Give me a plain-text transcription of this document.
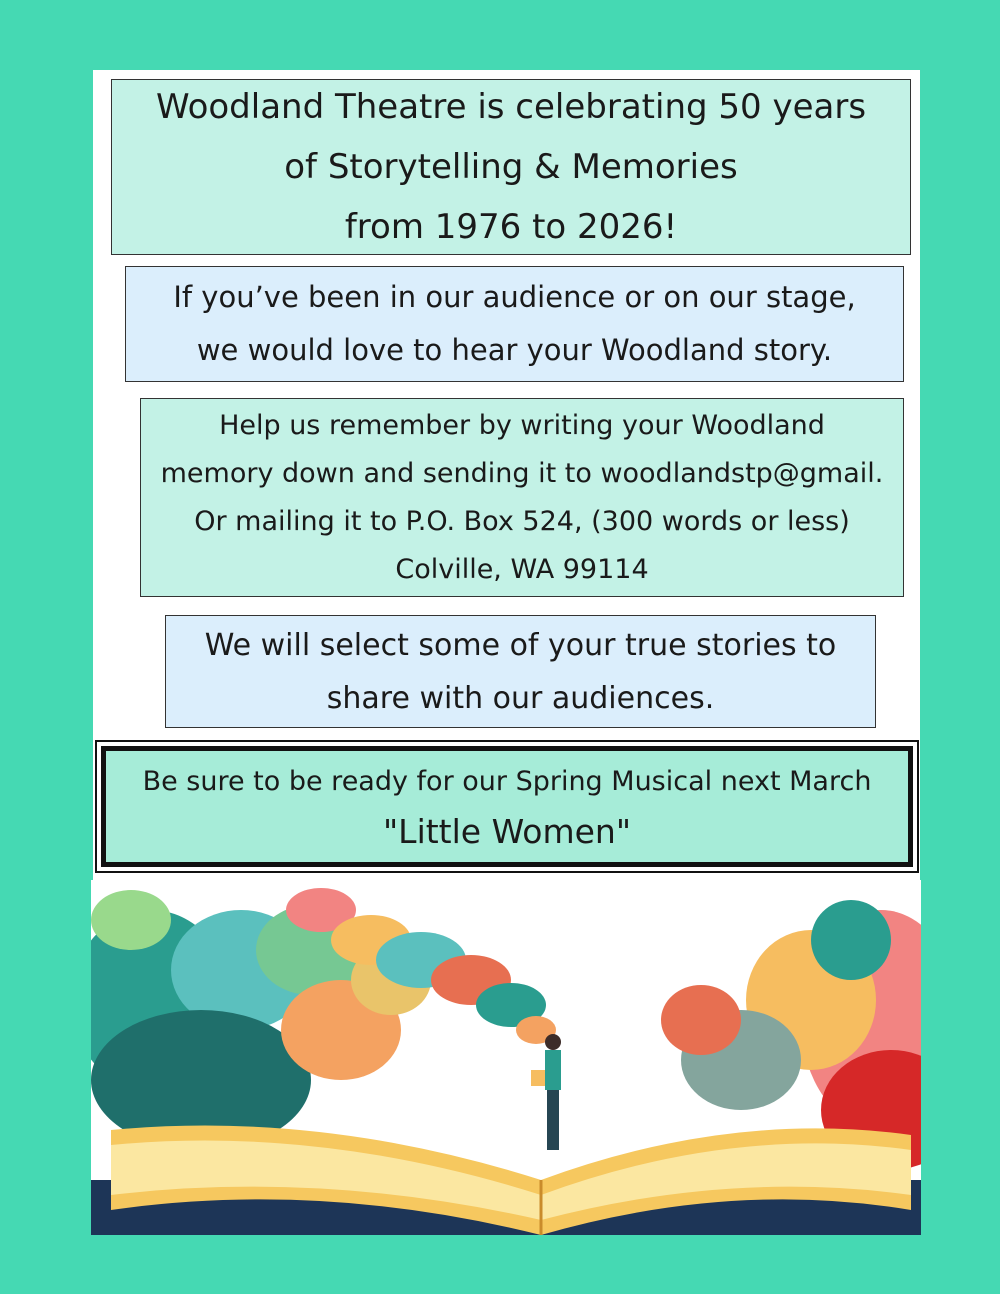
Woodland Theatre is celebrating 50 years

of Storytelling & Memories

from 1976 to 2026!

If you’ve been in our audience or on our stage,

we would love to hear your Woodland story.

Help us remember by writing your Woodland

memory down and sending it to woodlandstp@gmail.

Or mailing it to P.O. Box 524, (300 words or less)

Colville, WA 99114

We will select some of your true stories to

share with our audiences.

Be sure to be ready for our Spring Musical next March

"Little Women"
